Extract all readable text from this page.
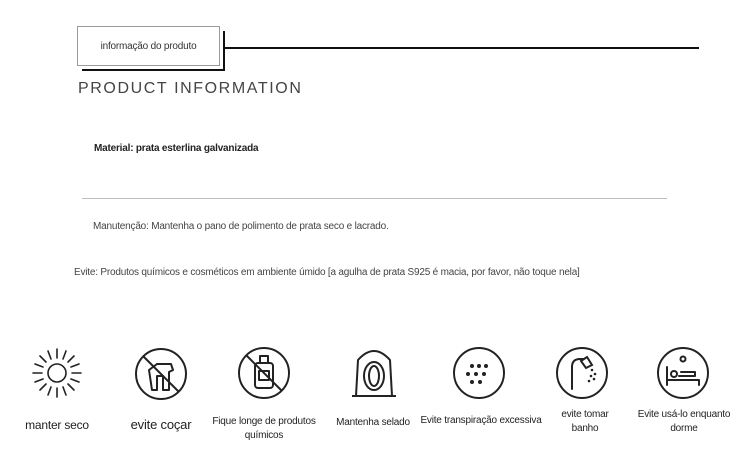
informação do produto
PRODUCT INFORMATION
Material: prata esterlina galvanizada
Manutenção: Mantenha o pano de polimento de prata seco e lacrado.
Evite: Produtos químicos e cosméticos em ambiente úmido [a agulha de prata S925 é macia, por favor, não toque nela]
manter seco	evite coçar	Fique longe de produtos químicos
Mantenha selado Evite transpiração excessiva
evite tomar banho
Evite usá-lo enquanto dorme
